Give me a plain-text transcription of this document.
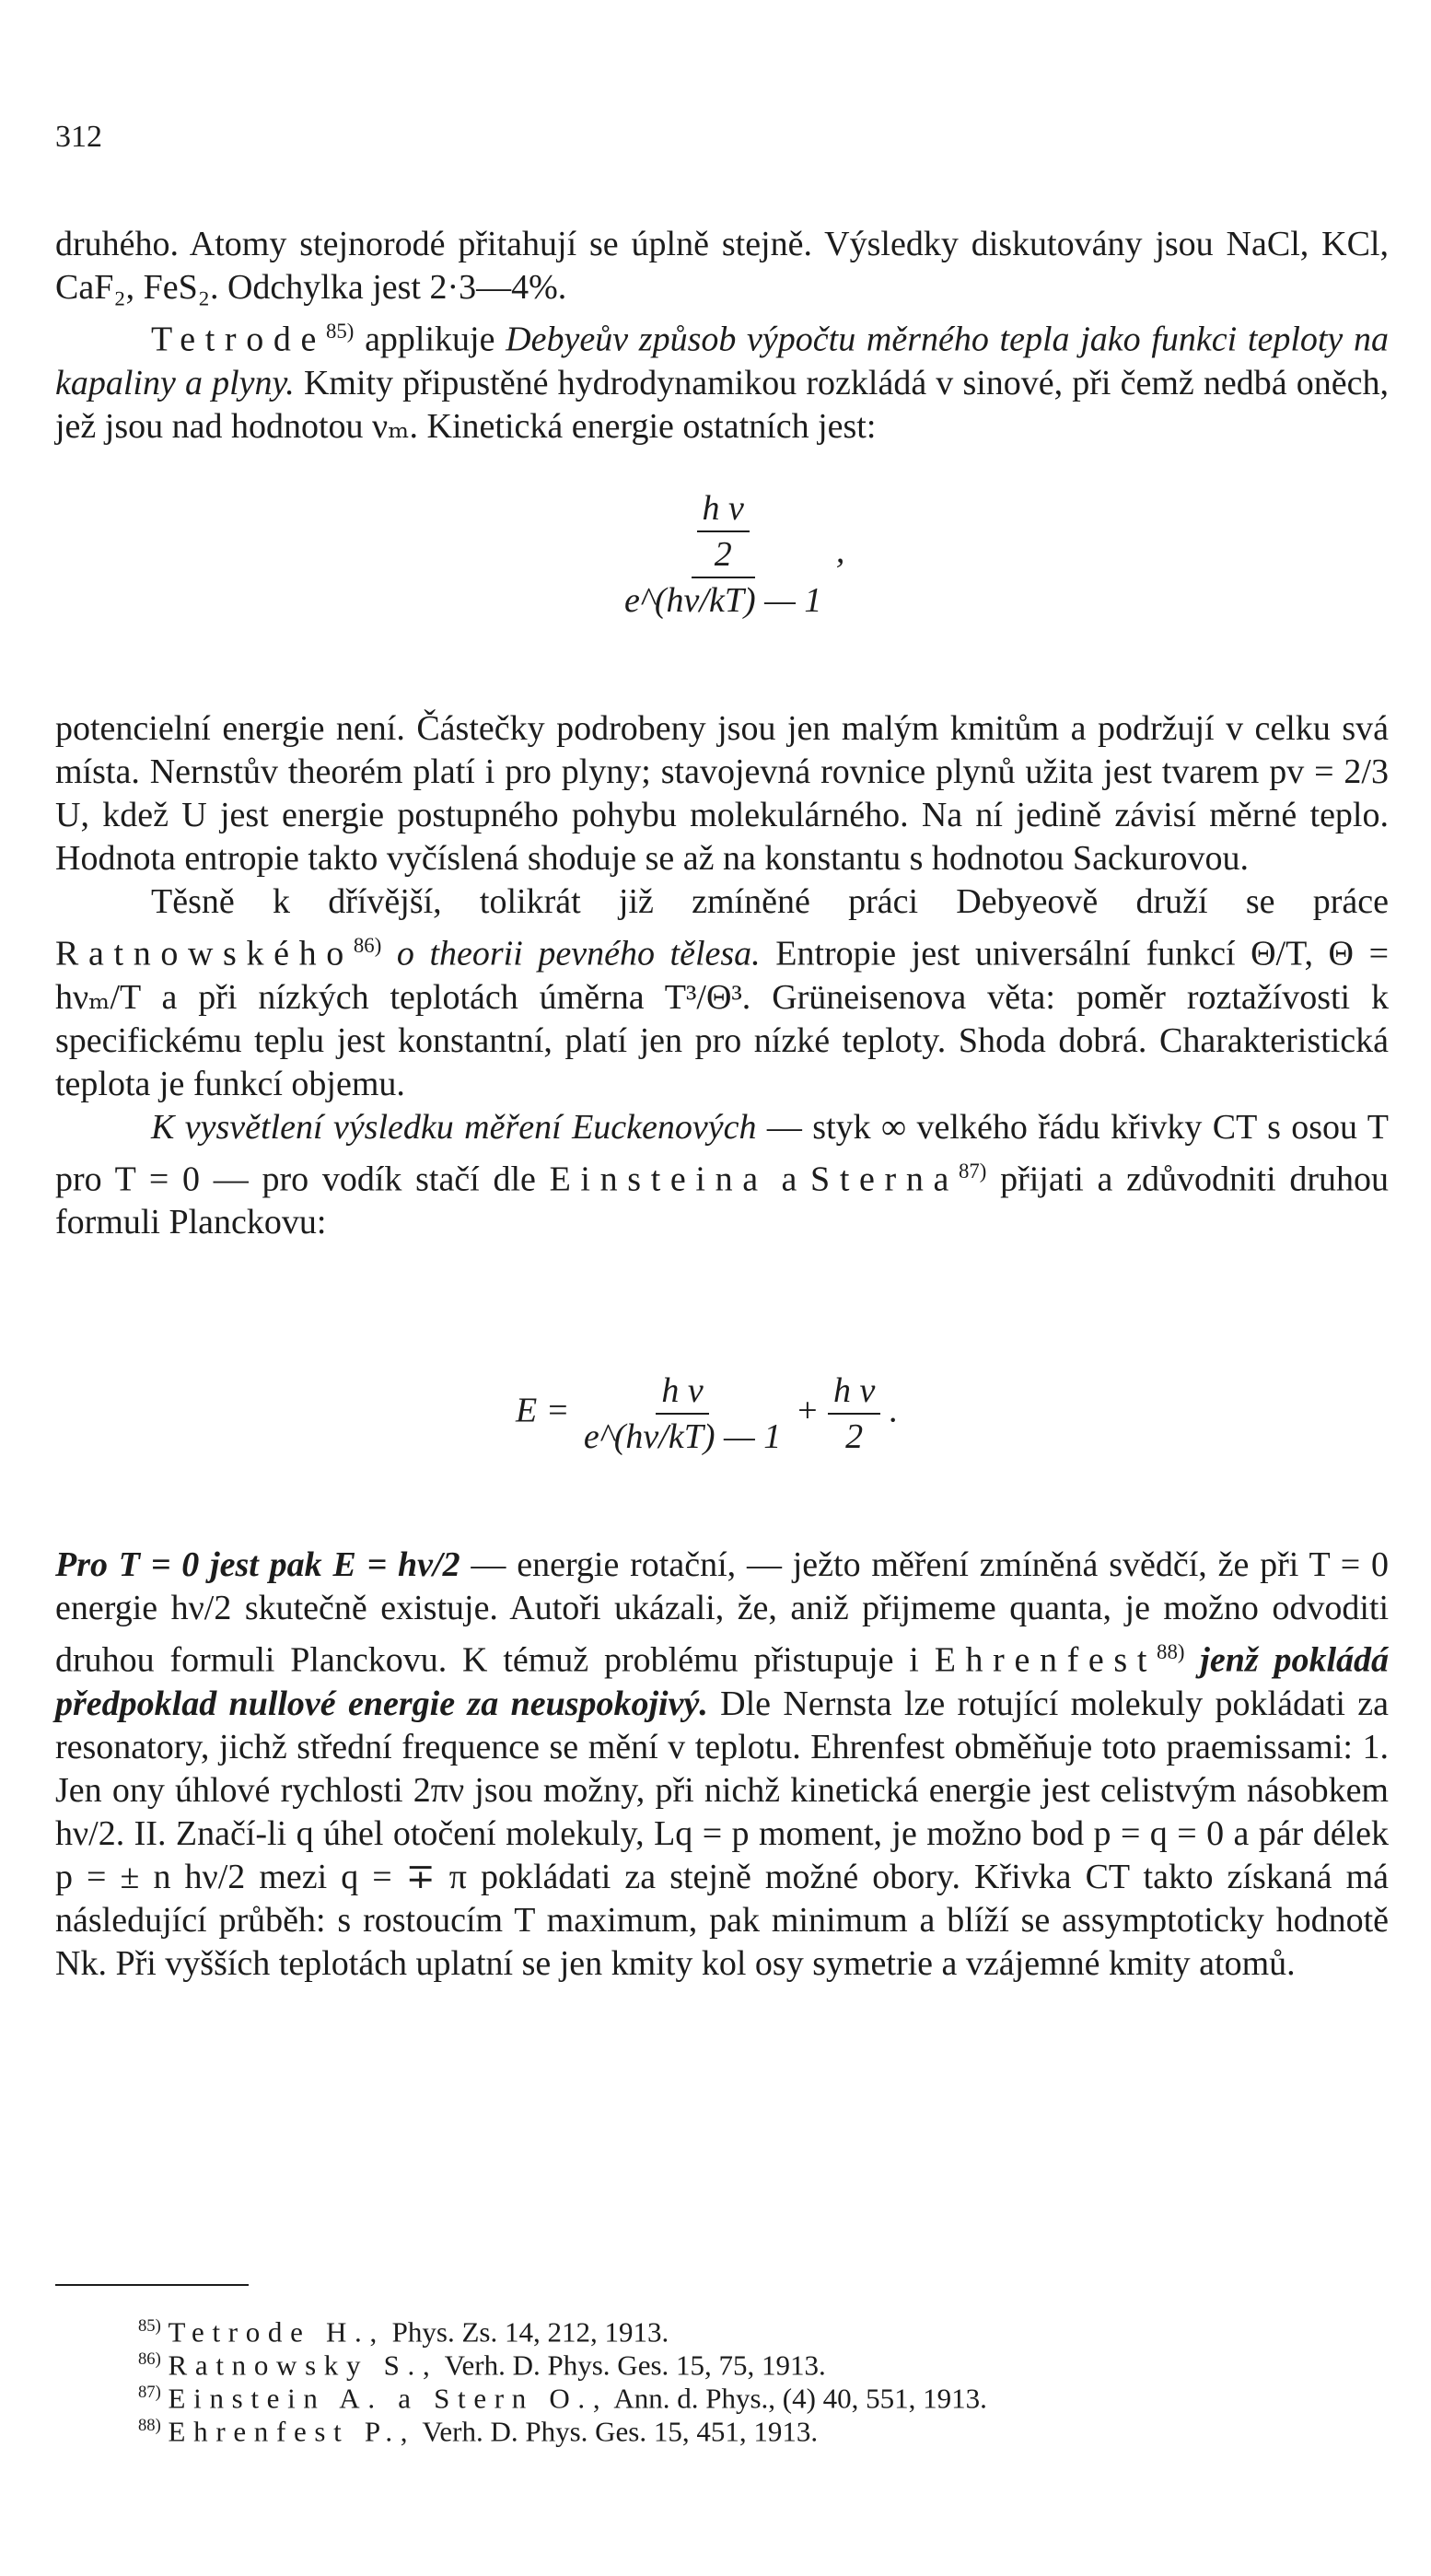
312

druhého. Atomy stejnorodé přitahují se úplně stejně. Výsledky diskutovány jsou NaCl, KCl, CaF₂, FeS₂. Odchylka jest 2·3—4%.

Tetrode$^{85)}$ applikuje Debyeův způsob výpočtu měrného tepla jako funkci teploty na kapaliny a plyny. Kmity připustěné hydrodynamikou rozkládá v sinové, při čemž nedbá oněch, jež jsou nad hodnotou νₘ. Kinetická energie ostatních jest:

$\frac{\frac{\text{h ν}}{2}}{e\^{}(h\nu/kT) — 1}$ ,

potencielní energie není. Částečky podrobeny jsou jen malým kmitům a podržují v celku svá místa. Nernstův theorém platí i pro plyny; stavojevná rovnice plynů užita jest tvarem pv = 2/3 U, kdež U jest energie postupného pohybu molekulárného. Na ní jedině závisí měrné teplo. Hodnota entropie takto vyčíslená shoduje se až na konstantu s hodnotou Sackurovou.

Těsně k dřívější, tolikrát již zmíněné práci Debyeově druží se práce Ratnowského$^{86)}$ o theorii pevného tělesa. Entropie jest universální funkcí Θ/T, Θ = hνₘ/T a při nízkých teplotách úměrna T³/Θ³. Grüneisenova věta: poměr roztažívosti k specifickému teplu jest konstantní, platí jen pro nízké teploty. Shoda dobrá. Charakteristická teplota je funkcí objemu.

K vysvětlení výsledku měření Euckenových — styk ∞ velkého řádu křivky CT s osou T pro T = 0 — pro vodík stačí dle Einsteina a Sterna$^{87)}$ přijati a zdůvodniti druhou formuli Planckovu:

$E = \frac{\text{h ν}}{e\^{}(h\nu/kT) — 1} + \frac{\text{h ν}}{2}$ .

Pro T = 0 jest pak E = hν/2 — energie rotační, — ježto měření zmíněná svědčí, že při T = 0 energie hν/2 skutečně existuje. Autoři ukázali, že, aniž přijmeme quanta, je možno odvoditi druhou formuli Planckovu. K témuž problému přistupuje i Ehrenfest$^{88)}$ jenž pokládá předpoklad nullové energie za neuspokojivý. Dle Nernsta lze rotující molekuly pokládati za resonatory, jichž střední frequence se mění v teplotu. Ehrenfest obměňuje toto praemissami: 1. Jen ony úhlové rychlosti 2πν jsou možny, při nichž kinetická energie jest celistvým násobkem hν/2. II. Značí-li q úhel otočení molekuly, Lq = p moment, je možno bod p = q = 0 a pár délek p = ± n hν/2 mezi q = ∓ π pokládati za stejně možné obory. Křivka CT takto získaná má následující průběh: s rostoucím T maximum, pak minimum a blíží se assymptoticky hodnotě Nk. Při vyšších teplotách uplatní se jen kmity kol osy symetrie a vzájemné kmity atomů.

$^{85)}$ Tetrode H., Phys. Zs. 14, 212, 1913.
$^{86)}$ Ratnowsky S., Verh. D. Phys. Ges. 15, 75, 1913.
$^{87)}$ Einstein A. a Stern O., Ann. d. Phys., (4) 40, 551, 1913.
$^{88)}$ Ehrenfest P., Verh. D. Phys. Ges. 15, 451, 1913.
